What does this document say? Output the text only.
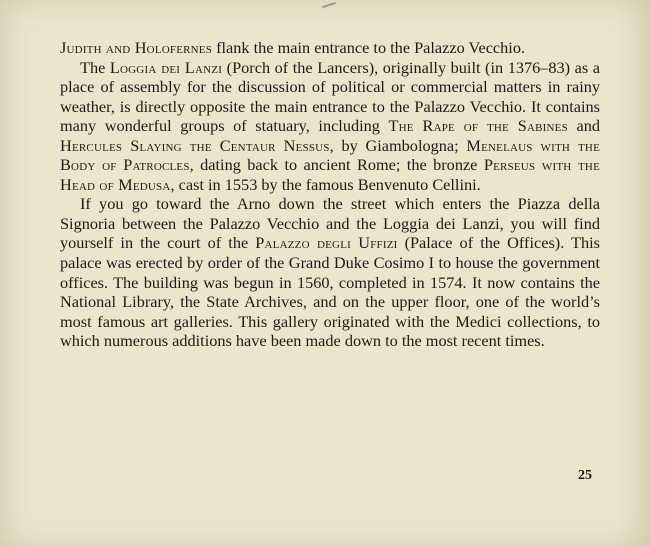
Judith and Holofernes flank the main entrance to the Palazzo Vecchio.

The Loggia dei Lanzi (Porch of the Lancers), originally built (in 1376–83) as a place of assembly for the discussion of political or commercial matters in rainy weather, is directly opposite the main entrance to the Palazzo Vecchio. It contains many wonderful groups of statuary, including The Rape of the Sabines and Hercules Slaying the Centaur Nessus, by Giambologna; Menelaus with the Body of Patrocles, dating back to ancient Rome; the bronze Perseus with the Head of Medusa, cast in 1553 by the famous Benvenuto Cellini.

If you go toward the Arno down the street which enters the Piazza della Signoria between the Palazzo Vecchio and the Loggia dei Lanzi, you will find yourself in the court of the Palazzo degli Uffizi (Palace of the Offices). This palace was erected by order of the Grand Duke Cosimo I to house the government offices. The building was begun in 1560, completed in 1574. It now contains the National Library, the State Archives, and on the upper floor, one of the world’s most famous art galleries. This gallery originated with the Medici collections, to which numerous additions have been made down to the most recent times.

25
